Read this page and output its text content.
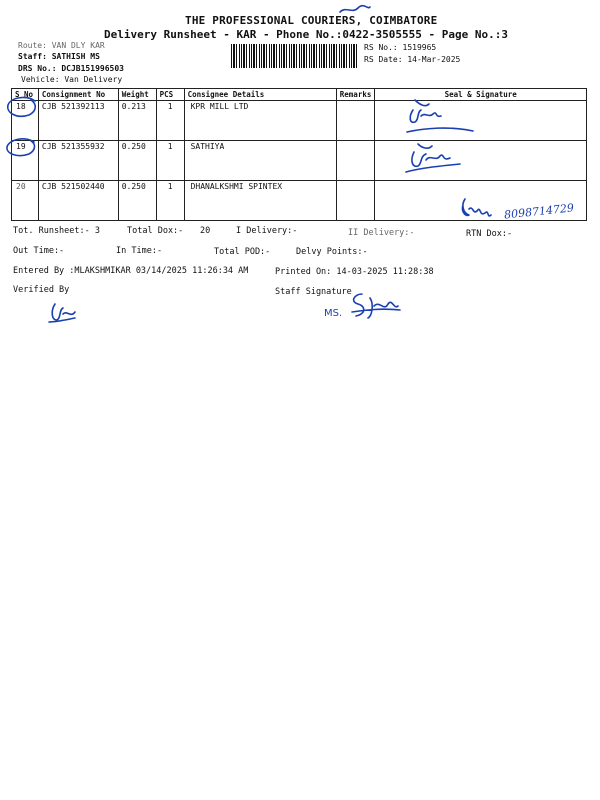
THE PROFESSIONAL COURIERS, COIMBATORE
Delivery Runsheet - KAR - Phone No.:0422-3505555 - Page No.:3
Route: VAN DLY KAR
Staff: SATHISH MS
DRS No.: DCJB151996503
Vehicle: Van Delivery
RS No.: 1519965
RS Date: 14-Mar-2025
S No	Consignment No	Weight	PCS	Consignee Details	Remarks	Seal & Signature
18	CJB 521392113	0.213	1	KPR MILL LTD		
19	CJB 521355932	0.250	1	SATHIYA		
20	CJB 521502440	0.250	1	DHANALKSHMI SPINTEX		
8098714729
Tot. Runsheet:- 3	Total Dox:- 20	I Delivery:-	II Delivery:-	RTN Dox:-
Out Time:-	In Time:-	Total POD:-	Delvy Points:-
Entered By :MLAKSHMIKAR 03/14/2025 11:26:34 AM	Printed On: 14-03-2025 11:28:38
Verified By	Staff Signature
MS.
